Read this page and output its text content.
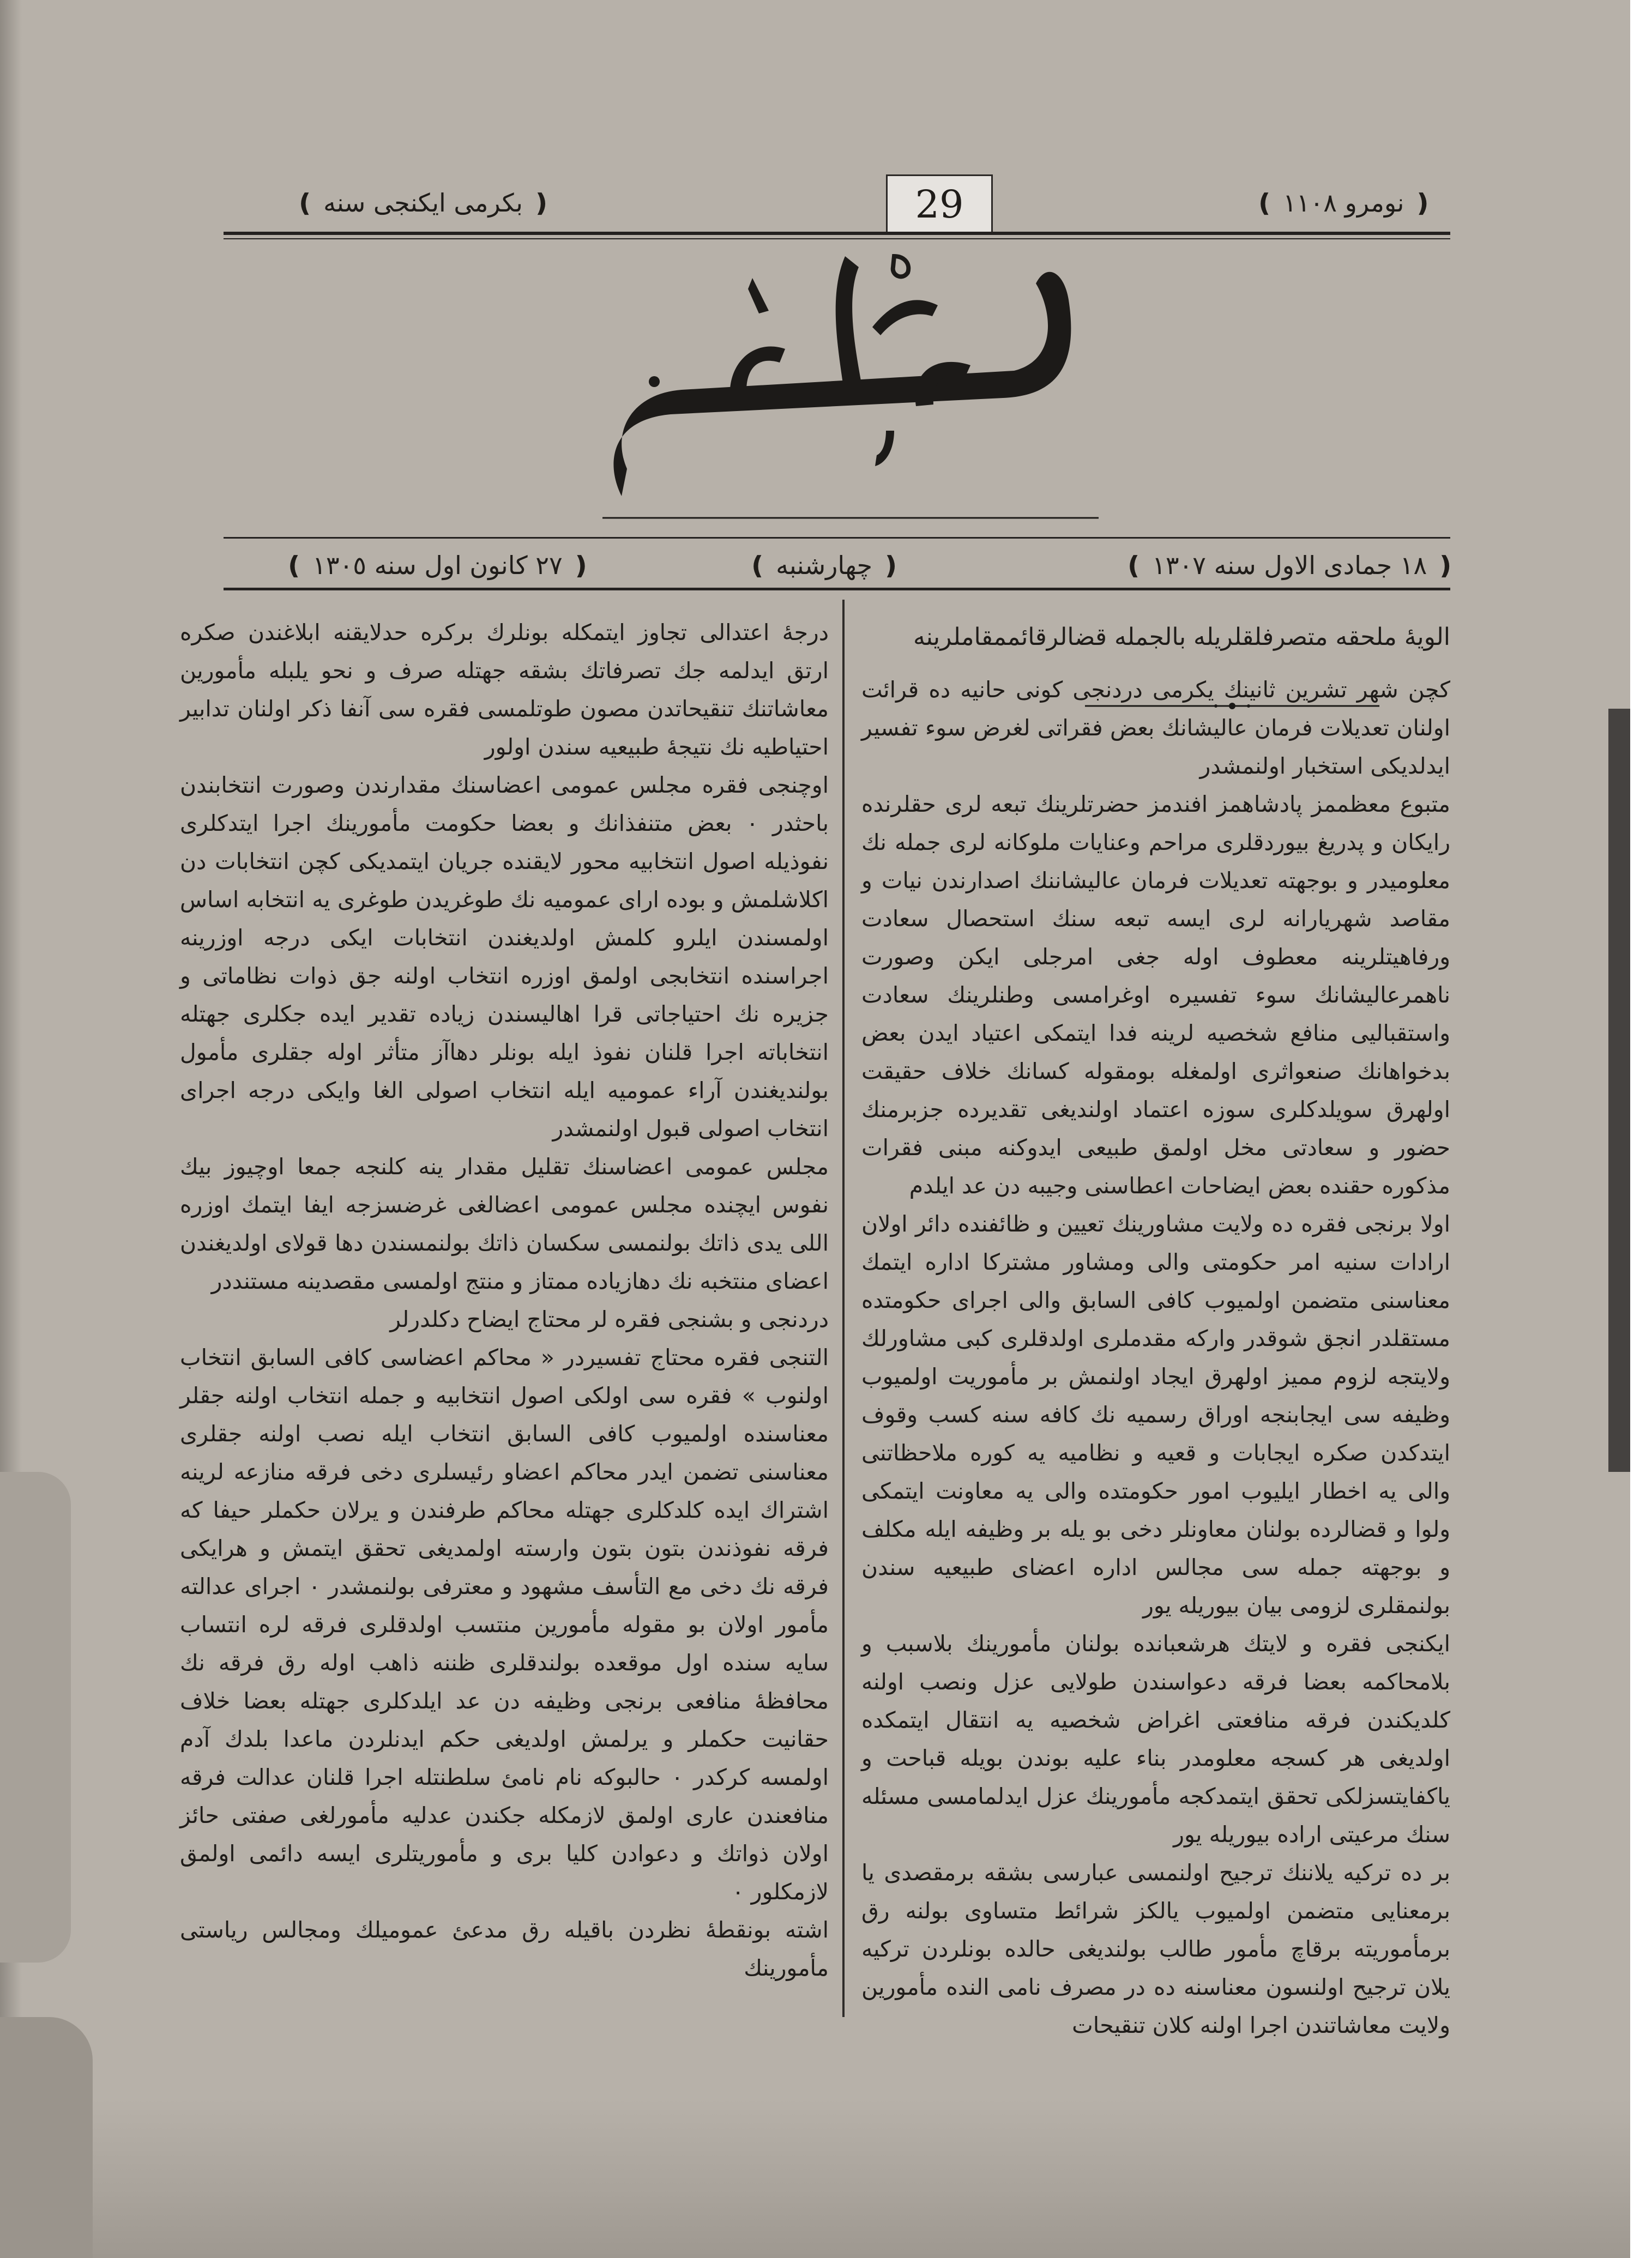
❪ نومرو ١١٠٨ ❫
❪ بكرمى ايكنجى سنه ❫	29
❪ ١٨ جمادى الاول سنه ١٣٠٧ ❫
❪ چهارشنبه ❫
❪ ٢٧ كانون اول سنه ١٣٠٥ ❫
الويۀ ملحقه متصرفلقلريله بالجمله قضالرقائممقاملرينه

كچن شهر تشرين ثانينك يكرمى دردنجى كونى حانيه ده قرائت اولنان تعديلات فرمان عاليشانك بعض فقراتى لغرض سوء تفسير ايدلديكى استخبار اولنمشدر

متبوع معظممز پادشاهمز افندمز حضرتلرينك تبعه لرى حقلرنده رايكان و پدريغ بيوردقلرى مراحم وعنايات ملوكانه لرى جمله نك معلوميدر و بوجهته تعديلات فرمان عاليشاننك اصدارندن نيات و مقاصد شهريارانه لرى ايسه تبعه سنك استحصال سعادت ورفاهيتلرينه معطوف اوله جغى امرجلى ايكن وصورت ناهمرعاليشانك سوء تفسيره اوغرامسى وطنلرينك سعادت واستقباليى منافع شخصيه لرينه فدا ايتمكى اعتياد ايدن بعض بدخواهانك صنعواثرى اولمغله بومقوله كسانك خلاف حقيقت اولهرق سويلدكلرى سوزه اعتماد اولنديغى تقديرده جزبرمنك حضور و سعادتى مخل اولمق طبيعى ايدوكنه مبنى فقرات مذكوره حقنده بعض ايضاحات اعطاسنى وجيبه دن عد ايلدم

اولا برنجى فقره ده ولايت مشاورينك تعيين و ظائفنده دائر اولان ارادات سنيه امر حكومتى والى ومشاور مشتركا اداره ايتمك معناسنى متضمن اولميوب كافى السابق والى اجراى حكومتده مستقلدر انجق شوقدر واركه مقدملرى اولدقلرى كبى مشاورلك ولايتجه لزوم مميز اولهرق ايجاد اولنمش بر مأموريت اولميوب وظيفه سى ايجابنجه اوراق رسميه نك كافه سنه كسب وقوف ايتدكدن صكره ايجابات و قعيه و نظاميه يه كوره ملاحظاتنى والى يه اخطار ايليوب امور حكومتده والى يه معاونت ايتمكى ولوا و قضالرده بولنان معاونلر دخى بو يله بر وظيفه ايله مكلف و بوجهته جمله سى مجالس اداره اعضاى طبيعيه سندن بولنمقلرى لزومى بيان بيوريله يور

ايكنجى فقره و لايتك هرشعبانده بولنان مأمورينك بلاسبب و بلامحاكمه بعضا فرقه دعواسندن طولايى عزل ونصب اولنه كلديكندن فرقه منافعتى اغراض شخصيه يه انتقال ايتمكده اولديغى هر كسجه معلومدر بناء عليه بوندن بويله قباحت و ياكفايتسزلكى تحقق ايتمدكجه مأمورينك عزل ايدلمامسى مسئله سنك مرعيتى اراده بيوريله يور

بر ده تركيه يلاننك ترجيح اولنمسى عبارسى بشقه برمقصدى يا برمعنايى متضمن اولميوب يالكز شرائط متساوى بولنه رق برمأموريته برقاچ مأمور طالب بولنديغى حالده بونلردن تركيه يلان ترجيح اولنسون معناسنه ده در مصرف نامى النده مأمورين ولايت معاشاتندن اجرا اولنه كلان تنقيحات

درجۀ اعتدالى تجاوز ايتمكله بونلرك بركره حدلايقنه ابلاغندن صكره ارتق ايدلمه جك تصرفاتك بشقه جهتله صرف و نحو يلبله مأمورين معاشاتنك تنقيحاتدن مصون طوتلمسى فقره سى آنفا ذكر اولنان تدابير احتياطيه نك نتيجۀ طبيعيه سندن اولور

اوچنجى فقره مجلس عمومى اعضاسنك مقدارندن وصورت انتخابندن باحثدر ٠ بعض متنفذانك و بعضا حكومت مأمورينك اجرا ايتدكلرى نفوذيله اصول انتخابيه محور لايقنده جريان ايتمديكى كچن انتخابات دن اكلاشلمش و بوده اراى عموميه نك طوغريدن طوغرى يه انتخابه اساس اولمسندن ايلرو كلمش اولديغندن انتخابات ايكى درجه اوزرينه اجراسنده انتخابجى اولمق اوزره انتخاب اولنه جق ذوات نظاماتى و جزيره نك احتياجاتى قرا اهاليسندن زياده تقدير ايده جكلرى جهتله انتخاباته اجرا قلنان نفوذ ايله بونلر دهاآز متأثر اوله جقلرى مأمول بولنديغندن آراء عموميه ايله انتخاب اصولى الغا وايكى درجه اجراى انتخاب اصولى قبول اولنمشدر

مجلس عمومى اعضاسنك تقليل مقدار ينه كلنجه جمعا اوچيوز بيك نفوس ايچنده مجلس عمومى اعضالغى غرضسزجه ايفا ايتمك اوزره اللى يدى ذاتك بولنمسى سكسان ذاتك بولنمسندن دها قولاى اولديغندن اعضاى منتخبه نك دهازياده ممتاز و منتج اولمسى مقصدينه مستنددر

دردنجى و بشنجى فقره لر محتاج ايضاح دكلدرلر

التنجى فقره محتاج تفسيردر « محاكم اعضاسى كافى السابق انتخاب اولنوب » فقره سى اولكى اصول انتخابيه و جمله انتخاب اولنه جقلر معناسنده اولميوب كافى السابق انتخاب ايله نصب اولنه جقلرى معناسنى تضمن ايدر محاكم اعضاو رئيسلرى دخى فرقه منازعه لرينه اشتراك ايده كلدكلرى جهتله محاكم طرفندن و يرلان حكملر حيفا كه فرقه نفوذندن بتون بتون وارسته اولمديغى تحقق ايتمش و هرايكى فرقه نك دخى مع التأسف مشهود و معترفى بولنمشدر ٠ اجراى عدالته مأمور اولان بو مقوله مأمورين منتسب اولدقلرى فرقه لره انتساب سايه سنده اول موقعده بولندقلرى ظننه ذاهب اوله رق فرقه نك محافظۀ منافعى برنجى وظيفه دن عد ايلدكلرى جهتله بعضا خلاف حقانيت حكملر و يرلمش اولديغى حكم ايدنلردن ماعدا بلدك آدم اولمسه كركدر ٠ حالبوكه نام نامئ سلطنتله اجرا قلنان عدالت فرقه منافعندن عارى اولمق لازمكله جكندن عدليه مأمورلغى صفتى حائز اولان ذواتك و دعوادن كليا برى و مأموريتلرى ايسه دائمى اولمق لازمكلور ٠

اشته بونقطۀ نظردن باقيله رق مدعئ عموميلك ومجالس رياستى مأمورينك
